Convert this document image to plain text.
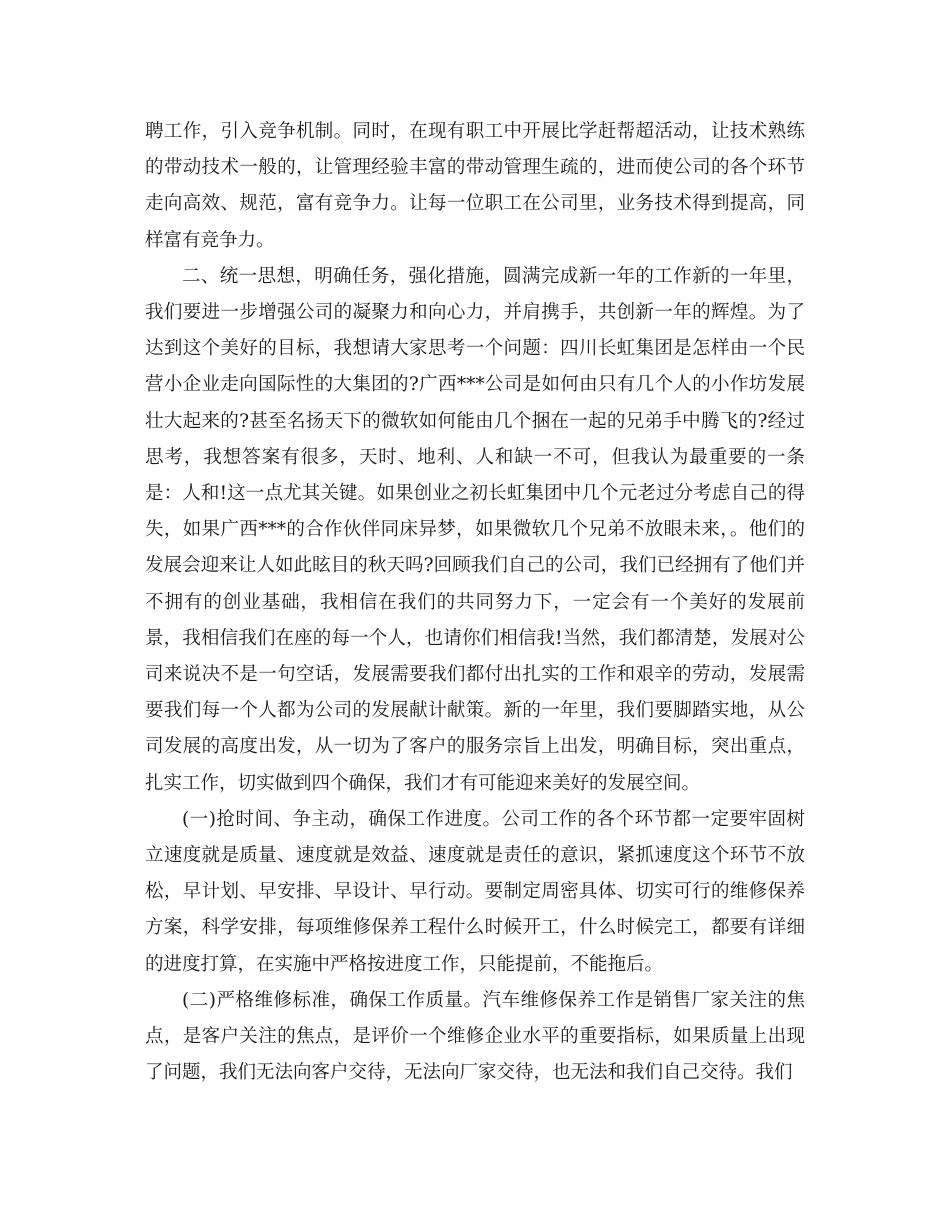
聘工作，引入竞争机制。同时，在现有职工中开展比学赶帮超活动，让技术熟练的带动技术一般的，让管理经验丰富的带动管理生疏的，进而使公司的各个环节走向高效、规范，富有竞争力。让每一位职工在公司里，业务技术得到提高，同样富有竞争力。

二、统一思想，明确任务，强化措施，圆满完成新一年的工作新的一年里，我们要进一步增强公司的凝聚力和向心力，并肩携手，共创新一年的辉煌。为了达到这个美好的目标，我想请大家思考一个问题：四川长虹集团是怎样由一个民营小企业走向国际性的大集团的?广西***公司是如何由只有几个人的小作坊发展壮大起来的?甚至名扬天下的微软如何能由几个捆在一起的兄弟手中腾飞的?经过思考，我想答案有很多，天时、地利、人和缺一不可，但我认为最重要的一条是：人和!这一点尤其关键。如果创业之初长虹集团中几个元老过分考虑自己的得失，如果广西***的合作伙伴同床异梦，如果微软几个兄弟不放眼未来，。他们的发展会迎来让人如此眩目的秋天吗?回顾我们自己的公司，我们已经拥有了他们并不拥有的创业基础，我相信在我们的共同努力下，一定会有一个美好的发展前景，我相信我们在座的每一个人，也请你们相信我!当然，我们都清楚，发展对公司来说决不是一句空话，发展需要我们都付出扎实的工作和艰辛的劳动，发展需要我们每一个人都为公司的发展献计献策。新的一年里，我们要脚踏实地，从公司发展的高度出发，从一切为了客户的服务宗旨上出发，明确目标，突出重点，扎实工作，切实做到四个确保，我们才有可能迎来美好的发展空间。

(一)抢时间、争主动，确保工作进度。公司工作的各个环节都一定要牢固树立速度就是质量、速度就是效益、速度就是责任的意识，紧抓速度这个环节不放松，早计划、早安排、早设计、早行动。要制定周密具体、切实可行的维修保养方案，科学安排，每项维修保养工程什么时候开工，什么时候完工，都要有详细的进度打算，在实施中严格按进度工作，只能提前，不能拖后。

(二)严格维修标准，确保工作质量。汽车维修保养工作是销售厂家关注的焦点，是客户关注的焦点，是评价一个维修企业水平的重要指标，如果质量上出现了问题，我们无法向客户交待，无法向厂家交待，也无法和我们自己交待。我们
